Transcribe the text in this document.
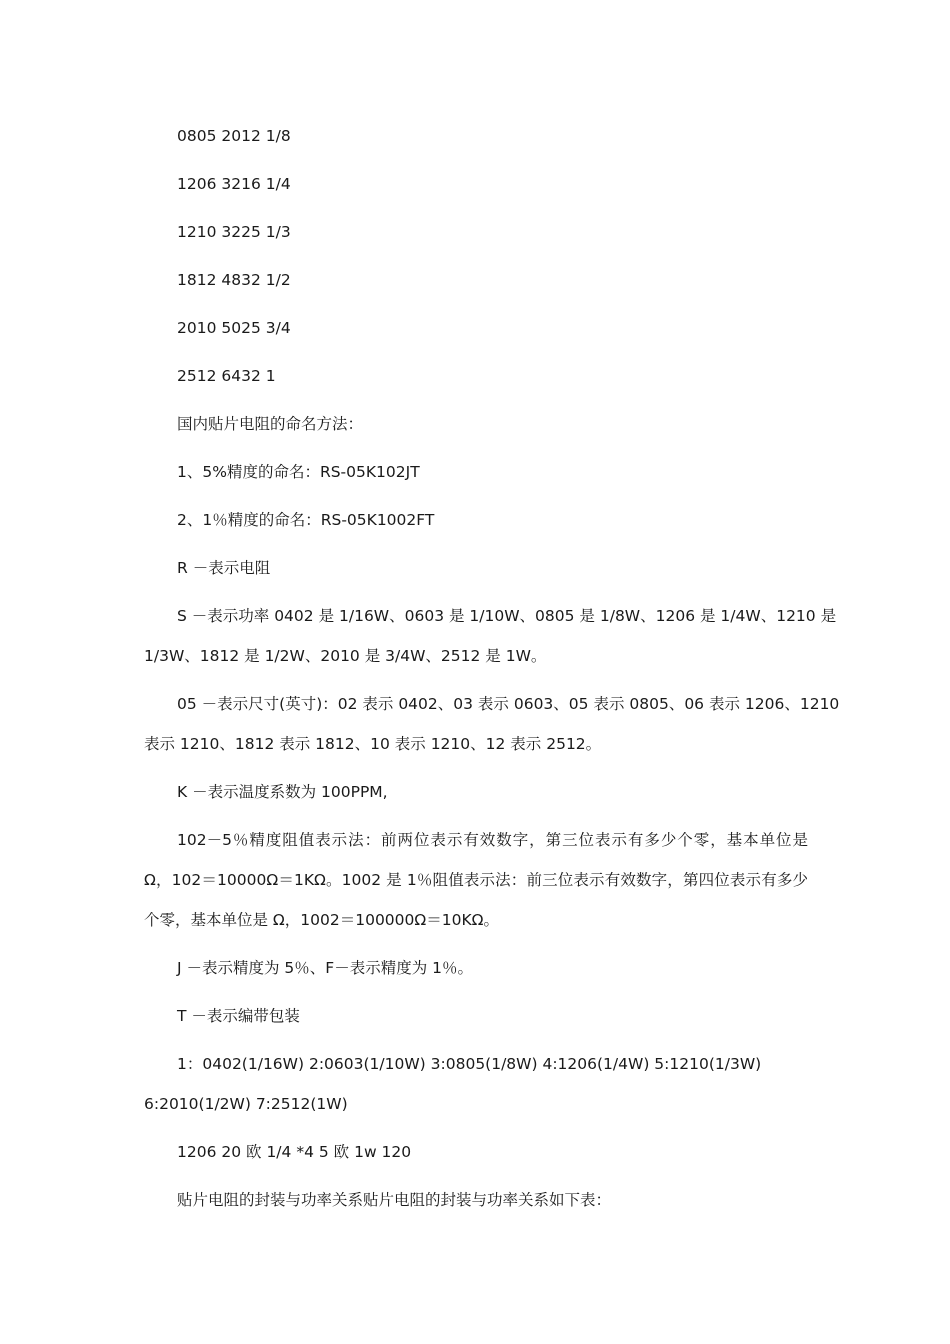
0805 2012 1/8
1206 3216 1/4
1210 3225 1/3
1812 4832 1/2
2010 5025 3/4
2512 6432 1
国内贴片电阻的命名方法：
1、5%精度的命名：RS-05K102JT
2、1％精度的命名：RS-05K1002FT
R －表示电阻
S －表示功率 0402 是 1/16W、0603 是 1/10W、0805 是 1/8W、1206 是 1/4W、1210 是
1/3W、1812 是 1/2W、2010 是 3/4W、2512 是 1W。
05 －表示尺寸(英寸)：02 表示 0402、03 表示 0603、05 表示 0805、06 表示 1206、1210
表示 1210、1812 表示 1812、10 表示 1210、12 表示 2512。
K －表示温度系数为 100PPM,
102－5％精度阻值表示法：前两位表示有效数字，第三位表示有多少个零，基本单位是
Ω，102＝10000Ω＝1KΩ。1002 是 1％阻值表示法：前三位表示有效数字，第四位表示有多少
个零，基本单位是 Ω，1002＝100000Ω＝10KΩ。
J －表示精度为 5％、F－表示精度为 1％。
T －表示编带包装
1：0402(1/16W) 2:0603(1/10W) 3:0805(1/8W) 4:1206(1/4W) 5:1210(1/3W)
6:2010(1/2W) 7:2512(1W)
1206 20 欧 1/4 *4 5 欧 1w 120
贴片电阻的封装与功率关系贴片电阻的封装与功率关系如下表：
